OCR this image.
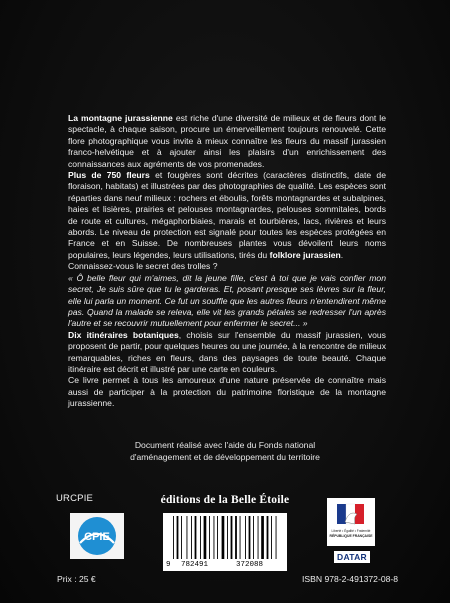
La montagne jurassienne est riche d'une diversité de milieux et de fleurs dont le spectacle, à chaque saison, procure un émerveillement toujours renouvelé. Cette flore photographique vous invite à mieux connaître les fleurs du massif jurassien franco-helvétique et à ajouter ainsi les plaisirs d'un enrichissement des connaissances aux agréments de vos promenades.

Plus de 750 fleurs et fougères sont décrites (caractères distinctifs, date de floraison, habitats) et illustrées par des photographies de qualité. Les espèces sont réparties dans neuf milieux : rochers et éboulis, forêts montagnardes et subalpines, haies et lisières, prairies et pelouses montagnardes, pelouses sommitales, bords de route et cultures, mégaphorbiaies, marais et tourbières, lacs, rivières et leurs abords. Le niveau de protection est signalé pour toutes les espèces protégées en France et en Suisse. De nombreuses plantes vous dévoilent leurs noms populaires, leurs légendes, leurs utilisations, tirés du folklore jurassien.

Connaissez-vous le secret des trolles ?

« Ô belle fleur qui m'aimes, dit la jeune fille, c'est à toi que je vais confier mon secret, Je suis sûre que tu le garderas. Et, posant presque ses lèvres sur la fleur, elle lui parla un moment. Ce fut un souffle que les autres fleurs n'entendirent même pas. Quand la malade se releva, elle vit les grands pétales se redresser l'un après l'autre et se recouvrir mutuellement pour enfermer le secret... »

Dix itinéraires botaniques, choisis sur l'ensemble du massif jurassien, vous proposent de partir, pour quelques heures ou une journée, à la rencontre de milieux remarquables, riches en fleurs, dans des paysages de toute beauté. Chaque itinéraire est décrit et illustré par une carte en couleurs.

Ce livre permet à tous les amoureux d'une nature préservée de connaître mais aussi de participer à la protection du patrimoine floristique de la montagne jurassienne.

Document réalisé avec l'aide du Fonds national
d'aménagement et de développement du territoire
URCPIE
CPIE
éditions de la Belle Étoile
9 782491	372088
Liberté • Égalité • Fraternité
RÉPUBLIQUE FRANÇAISE
DATAR
Prix : 25 €	ISBN 978-2-491372-08-8
